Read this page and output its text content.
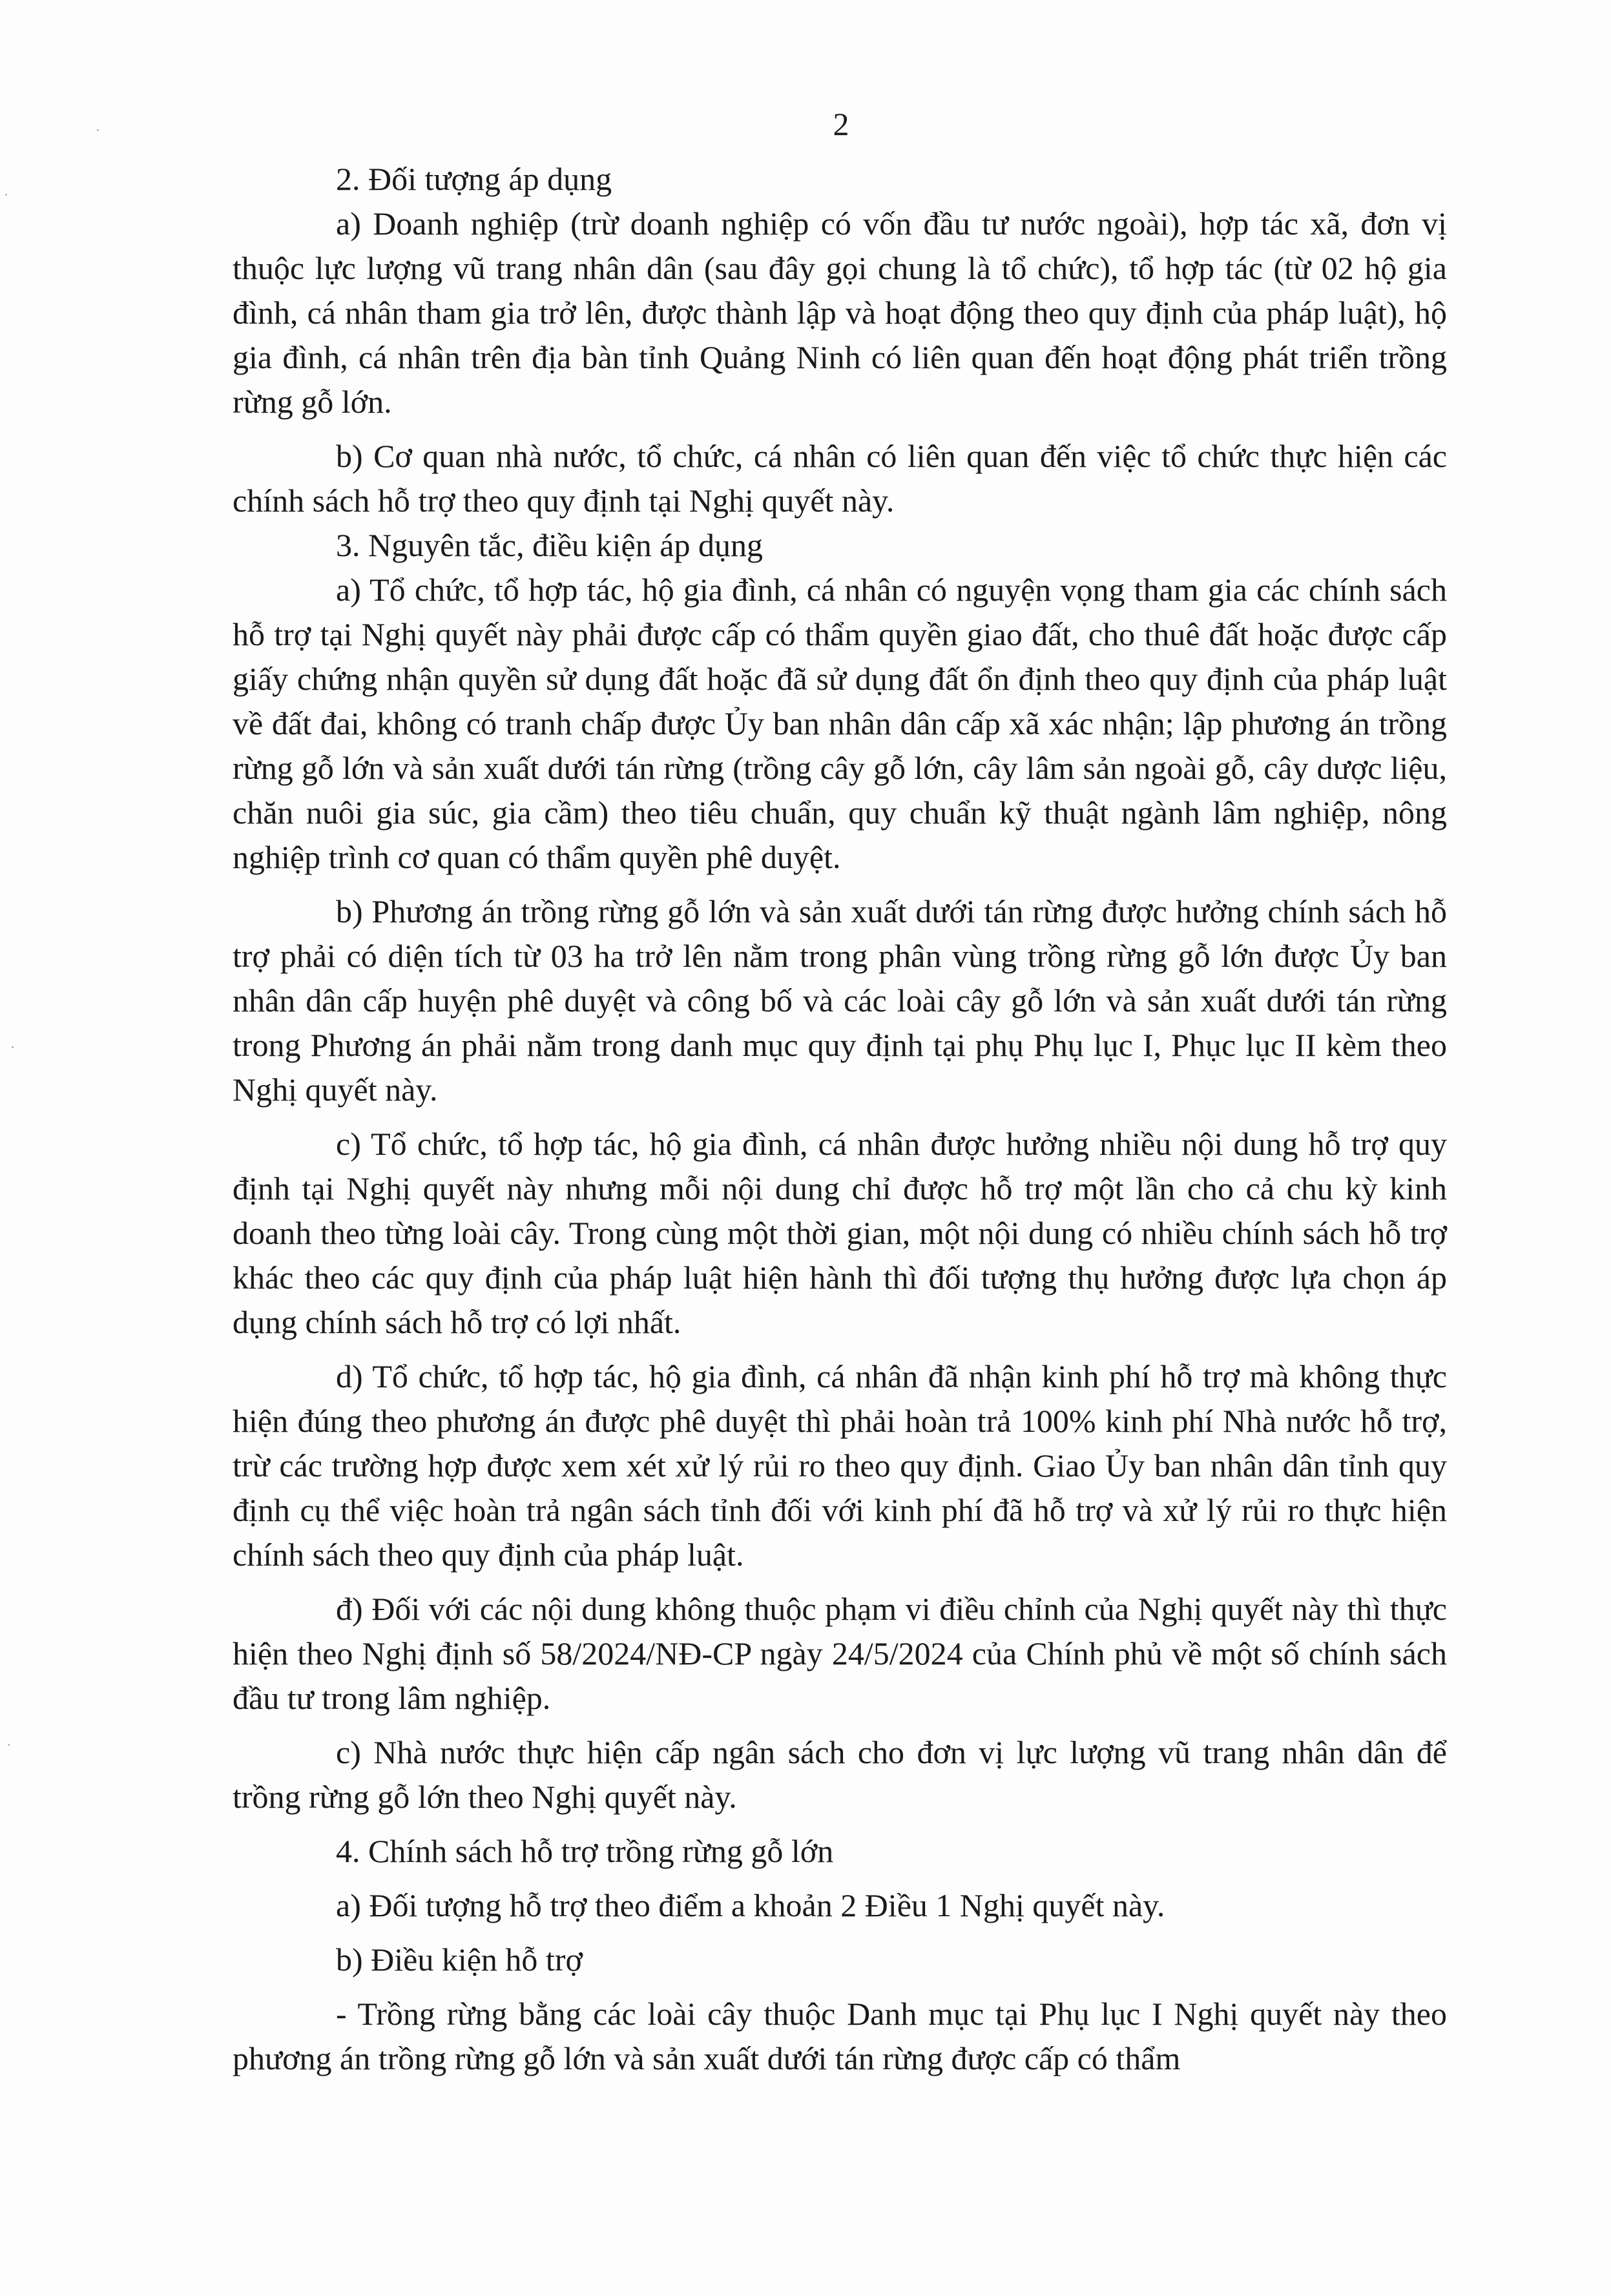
2

2. Đối tượng áp dụng

a) Doanh nghiệp (trừ doanh nghiệp có vốn đầu tư nước ngoài), hợp tác xã, đơn vị thuộc lực lượng vũ trang nhân dân (sau đây gọi chung là tổ chức), tổ hợp tác (từ 02 hộ gia đình, cá nhân tham gia trở lên, được thành lập và hoạt động theo quy định của pháp luật), hộ gia đình, cá nhân trên địa bàn tỉnh Quảng Ninh có liên quan đến hoạt động phát triển trồng rừng gỗ lớn.

b) Cơ quan nhà nước, tổ chức, cá nhân có liên quan đến việc tổ chức thực hiện các chính sách hỗ trợ theo quy định tại Nghị quyết này.

3. Nguyên tắc, điều kiện áp dụng

a) Tổ chức, tổ hợp tác, hộ gia đình, cá nhân có nguyện vọng tham gia các chính sách hỗ trợ tại Nghị quyết này phải được cấp có thẩm quyền giao đất, cho thuê đất hoặc được cấp giấy chứng nhận quyền sử dụng đất hoặc đã sử dụng đất ổn định theo quy định của pháp luật về đất đai, không có tranh chấp được Ủy ban nhân dân cấp xã xác nhận; lập phương án trồng rừng gỗ lớn và sản xuất dưới tán rừng (trồng cây gỗ lớn, cây lâm sản ngoài gỗ, cây dược liệu, chăn nuôi gia súc, gia cầm) theo tiêu chuẩn, quy chuẩn kỹ thuật ngành lâm nghiệp, nông nghiệp trình cơ quan có thẩm quyền phê duyệt.

b) Phương án trồng rừng gỗ lớn và sản xuất dưới tán rừng được hưởng chính sách hỗ trợ phải có diện tích từ 03 ha trở lên nằm trong phân vùng trồng rừng gỗ lớn được Ủy ban nhân dân cấp huyện phê duyệt và công bố và các loài cây gỗ lớn và sản xuất dưới tán rừng trong Phương án phải nằm trong danh mục quy định tại phụ Phụ lục I, Phục lục II kèm theo Nghị quyết này.

c) Tổ chức, tổ hợp tác, hộ gia đình, cá nhân được hưởng nhiều nội dung hỗ trợ quy định tại Nghị quyết này nhưng mỗi nội dung chỉ được hỗ trợ một lần cho cả chu kỳ kinh doanh theo từng loài cây. Trong cùng một thời gian, một nội dung có nhiều chính sách hỗ trợ khác theo các quy định của pháp luật hiện hành thì đối tượng thụ hưởng được lựa chọn áp dụng chính sách hỗ trợ có lợi nhất.

d) Tổ chức, tổ hợp tác, hộ gia đình, cá nhân đã nhận kinh phí hỗ trợ mà không thực hiện đúng theo phương án được phê duyệt thì phải hoàn trả 100% kinh phí Nhà nước hỗ trợ, trừ các trường hợp được xem xét xử lý rủi ro theo quy định. Giao Ủy ban nhân dân tỉnh quy định cụ thể việc hoàn trả ngân sách tỉnh đối với kinh phí đã hỗ trợ và xử lý rủi ro thực hiện chính sách theo quy định của pháp luật.

đ) Đối với các nội dung không thuộc phạm vi điều chỉnh của Nghị quyết này thì thực hiện theo Nghị định số 58/2024/NĐ-CP ngày 24/5/2024 của Chính phủ về một số chính sách đầu tư trong lâm nghiệp.

c) Nhà nước thực hiện cấp ngân sách cho đơn vị lực lượng vũ trang nhân dân để trồng rừng gỗ lớn theo Nghị quyết này.

4. Chính sách hỗ trợ trồng rừng gỗ lớn

a) Đối tượng hỗ trợ theo điểm a khoản 2 Điều 1 Nghị quyết này.

b) Điều kiện hỗ trợ

- Trồng rừng bằng các loài cây thuộc Danh mục tại Phụ lục I Nghị quyết này theo phương án trồng rừng gỗ lớn và sản xuất dưới tán rừng được cấp có thẩm
